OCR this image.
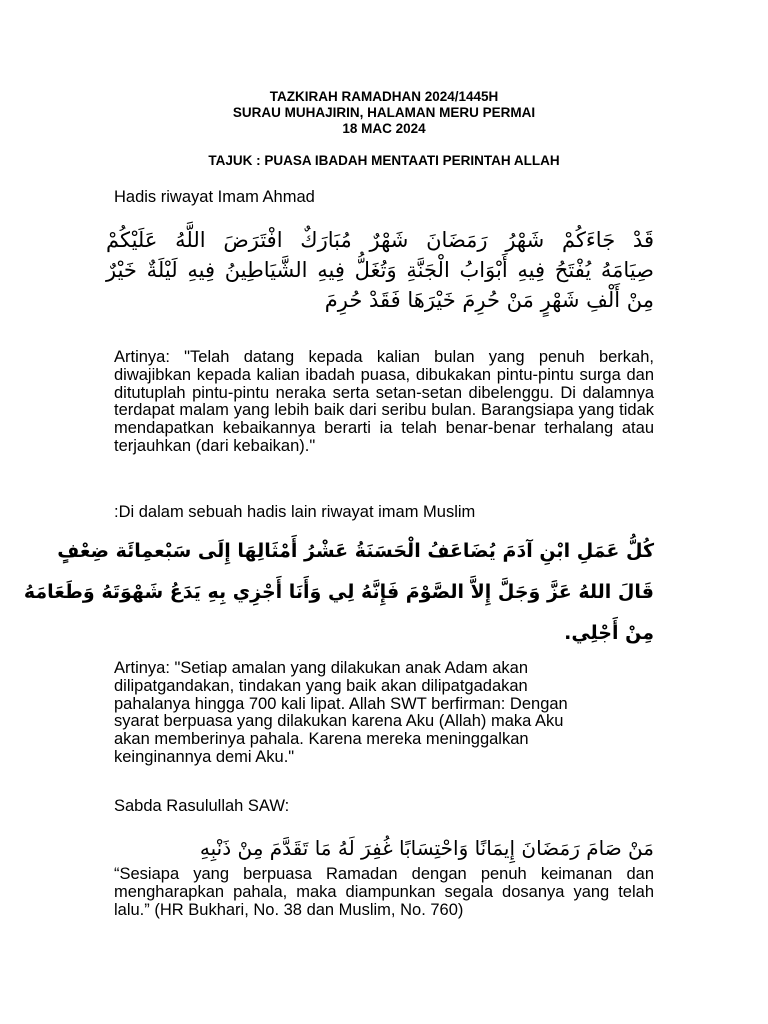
TAZKIRAH RAMADHAN 2024/1445H
SURAU MUHAJIRIN, HALAMAN MERU PERMAI
18 MAC 2024
TAJUK : PUASA IBADAH MENTAATI PERINTAH ALLAH
Hadis riwayat Imam Ahmad
قَدْ جَاءَكُمْ شَهْرُ رَمَضَانَ شَهْرٌ مُبَارَكٌ افْتَرَضَ اللَّهُ عَلَيْكُمْ
صِيَامَهُ يُفْتَحُ فِيهِ أَبْوَابُ الْجَنَّةِ وَتُغَلُّ فِيهِ الشَّيَاطِينُ فِيهِ لَيْلَةٌ خَيْرٌ
مِنْ أَلْفِ شَهْرٍ مَنْ حُرِمَ خَيْرَهَا فَقَدْ حُرِمَ
Artinya: "Telah datang kepada kalian bulan yang penuh berkah, diwajibkan kepada kalian ibadah puasa, dibukakan pintu-pintu surga dan ditutuplah pintu-pintu neraka serta setan-setan dibelenggu. Di dalamnya terdapat malam yang lebih baik dari seribu bulan. Barangsiapa yang tidak mendapatkan kebaikannya berarti ia telah benar-benar terhalang atau terjauhkan (dari kebaikan)."
:Di dalam sebuah hadis lain riwayat imam Muslim
كُلُّ عَمَلِ ابْنِ آدَمَ يُضَاعَفُ الْحَسَنَةُ عَشْرُ أَمْثَالِهَا إِلَى سَبْعمِائَة ضِعْفٍ
قَالَ اللهُ عَزَّ وَجَلَّ إِلاَّ الصَّوْمَ فَإِنَّهُ لِي وَأَنَا أَجْزِي بِهِ يَدَعُ شَهْوَتَهُ وَطَعَامَهُ
مِنْ أَجْلِي.
Artinya: "Setiap amalan yang dilakukan anak Adam akan
dilipatgandakan, tindakan yang baik akan dilipatgadakan
pahalanya hingga 700 kali lipat. Allah SWT berfirman: Dengan
syarat berpuasa yang dilakukan karena Aku (Allah) maka Aku
akan memberinya pahala. Karena mereka meninggalkan
keinginannya demi Aku."
Sabda Rasulullah SAW:
مَنْ صَامَ رَمَضَانَ إِيمَانًا وَاحْتِسَابًا غُفِرَ لَهُ مَا تَقَدَّمَ مِنْ ذَنْبِهِ
“Sesiapa yang berpuasa Ramadan dengan penuh keimanan dan mengharapkan pahala, maka diampunkan segala dosanya yang telah lalu.” (HR Bukhari, No. 38 dan Muslim, No. 760)
